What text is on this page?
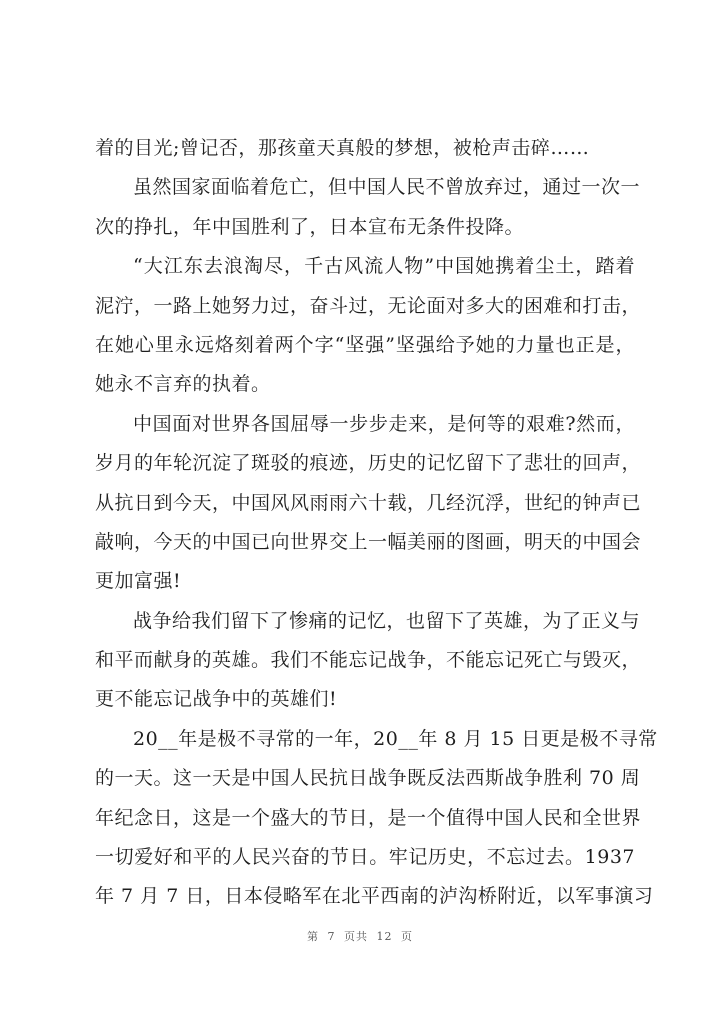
着的目光;曾记否，那孩童天真般的梦想，被枪声击碎……
虽然国家面临着危亡，但中国人民不曾放弃过，通过一次一
次的挣扎，年中国胜利了，日本宣布无条件投降。
“大江东去浪淘尽，千古风流人物”中国她携着尘土，踏着
泥泞，一路上她努力过，奋斗过，无论面对多大的困难和打击，
在她心里永远烙刻着两个字“坚强”坚强给予她的力量也正是，
她永不言弃的执着。
中国面对世界各国屈辱一步步走来，是何等的艰难?然而，
岁月的年轮沉淀了斑驳的痕迹，历史的记忆留下了悲壮的回声，
从抗日到今天，中国风风雨雨六十载，几经沉浮，世纪的钟声已
敲响，今天的中国已向世界交上一幅美丽的图画，明天的中国会
更加富强!
战争给我们留下了惨痛的记忆，也留下了英雄，为了正义与
和平而献身的英雄。我们不能忘记战争，不能忘记死亡与毁灭，
更不能忘记战争中的英雄们!
20__年是极不寻常的一年，20__年 8 月 15 日更是极不寻常
的一天。这一天是中国人民抗日战争既反法西斯战争胜利 70 周
年纪念日，这是一个盛大的节日，是一个值得中国人民和全世界
一切爱好和平的人民兴奋的节日。牢记历史，不忘过去。1937
年 7 月 7 日，日本侵略军在北平西南的泸沟桥附近，以军事演习
第 7 页共 12 页
